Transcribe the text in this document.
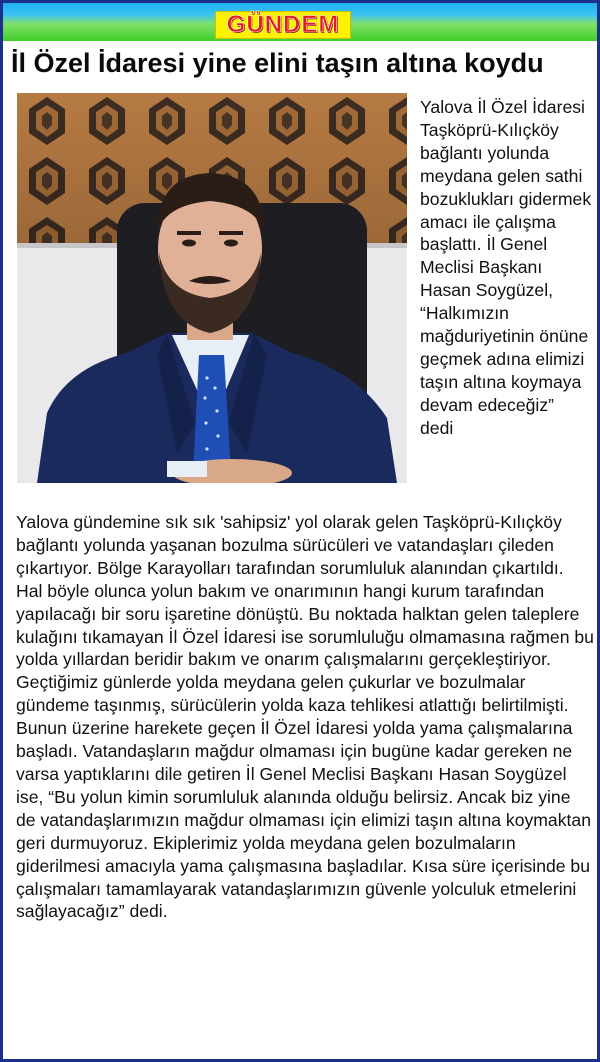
GÜNDEM
İl Özel İdaresi yine elini taşın altına koydu

Yalova İl Özel İdaresi Taşköprü-Kılıçköy bağlantı yolunda meydana gelen sathi bozuklukları gidermek amacı ile çalışma başlattı. İl Genel Meclisi Başkanı Hasan Soygüzel, “Halkımızın mağduriyetinin önüne geçmek adına elimizi taşın altına koymaya devam edeceğiz” dedi

Yalova gündemine sık sık 'sahipsiz' yol olarak gelen Taşköprü-Kılıçköy bağlantı yolunda yaşanan bozulma sürücüleri ve vatandaşları çileden çıkartıyor. Bölge Karayolları tarafından sorumluluk alanından çıkartıldı. Hal böyle olunca yolun bakım ve onarımının hangi kurum tarafından yapılacağı bir soru işaretine dönüştü. Bu noktada halktan gelen taleplere kulağını tıkamayan İl Özel İdaresi ise sorumluluğu olmamasına rağmen bu yolda yıllardan beridir bakım ve onarım çalışmalarını gerçekleştiriyor. Geçtiğimiz günlerde yolda meydana gelen çukurlar ve bozulmalar gündeme taşınmış, sürücülerin yolda kaza tehlikesi atlattığı belirtilmişti. Bunun üzerine harekete geçen İl Özel İdaresi yolda yama çalışmalarına başladı. Vatandaşların mağdur olmaması için bugüne kadar gereken ne varsa yaptıklarını dile getiren İl Genel Meclisi Başkanı Hasan Soygüzel ise, “Bu yolun kimin sorumluluk alanında olduğu belirsiz. Ancak biz yine de vatandaşlarımızın mağdur olmaması için elimizi taşın altına koymaktan geri durmuyoruz. Ekiplerimiz yolda meydana gelen bozulmaların giderilmesi amacıyla yama çalışmasına başladılar. Kısa süre içerisinde bu çalışmaları tamamlayarak vatandaşlarımızın güvenle yolculuk etmelerini sağlayacağız” dedi.
